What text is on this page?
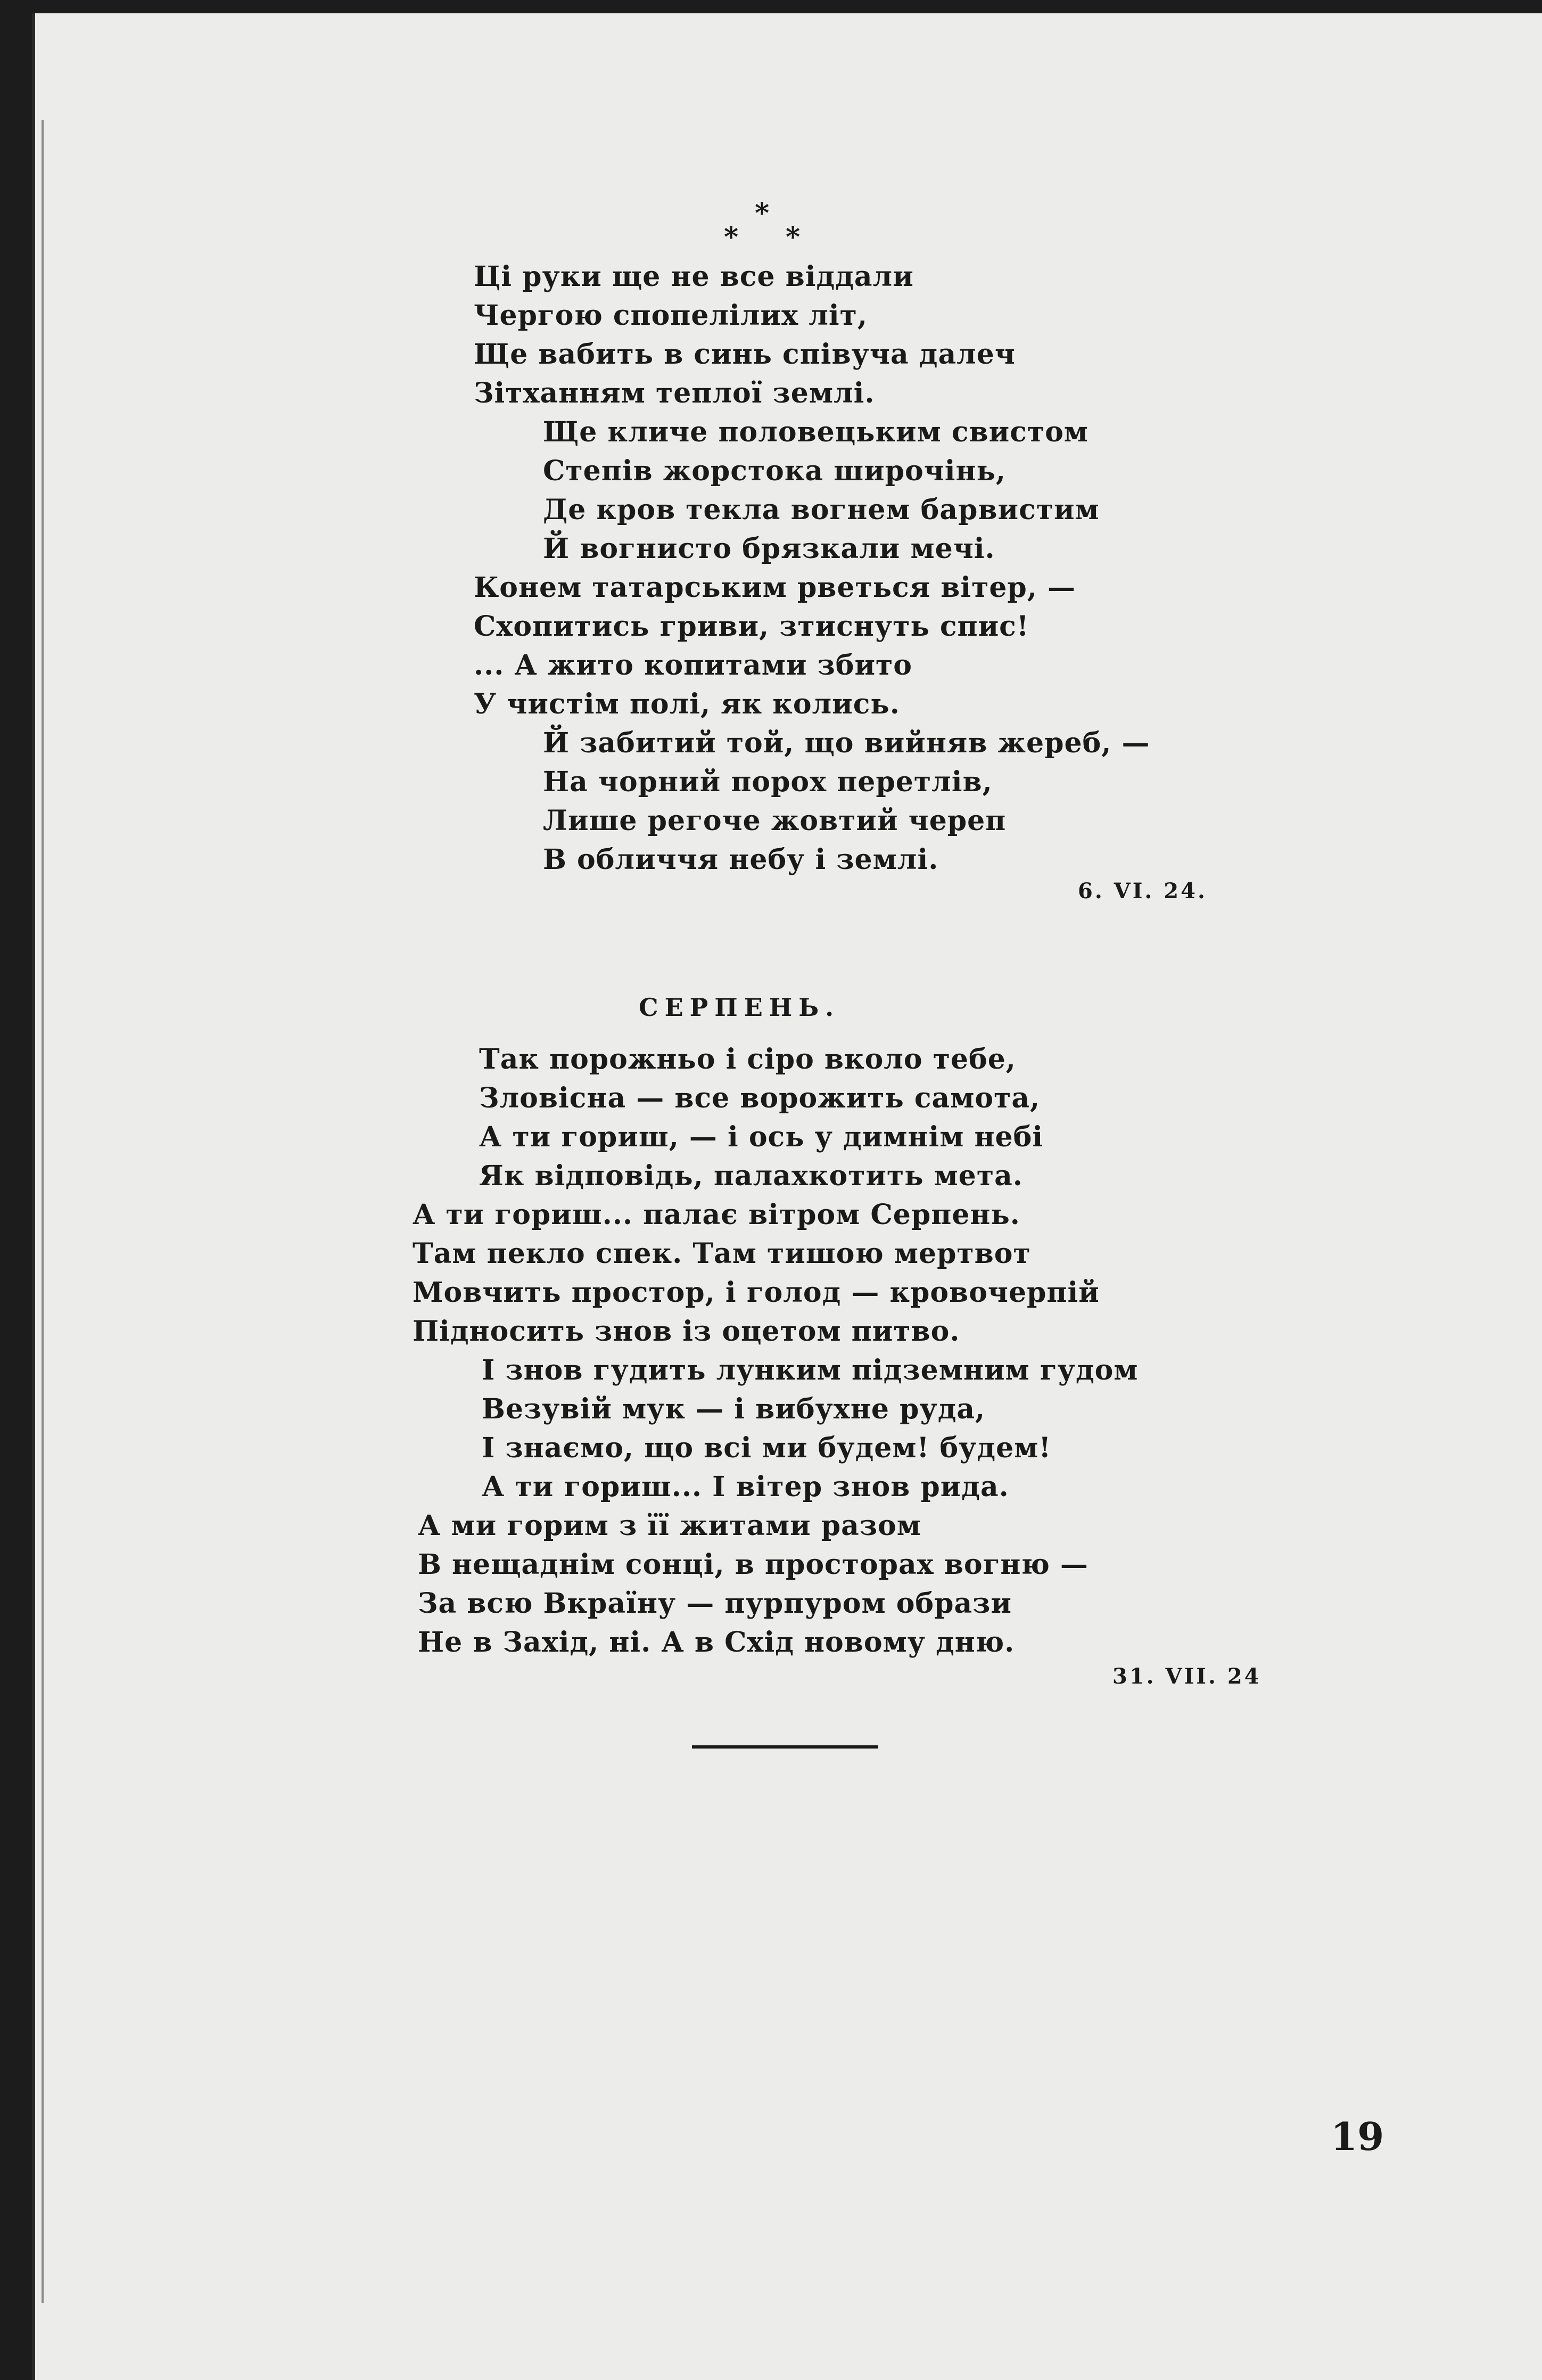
*
*
*
Ці руки ще не все віддали
Чергою спопелілих літ,
Ще вабить в синь співуча далеч
Зітханням теплої землі.
Ще кличе половецьким свистом
Степів жорстока широчінь,
Де кров текла вогнем барвистим
Й вогнисто брязкали мечі.
Конем татарським рветься вітер, —
Схопитись гриви, зтиснуть спис!
... А жито копитами збито
У чистім полі, як колись.
Й забитий той, що вийняв жереб, —
На чорний порох перетлів,
Лише регоче жовтий череп
В обличчя небу і землі.
6. VI. 24.
СЕРПЕНЬ.
Так порожньо і сіро вколо тебе,
Зловісна — все ворожить самота,
А ти гориш, — і ось у димнім небі
Як відповідь, палахкотить мета.
А ти гориш... палає вітром Серпень.
Там пекло спек. Там тишою мертвот
Мовчить простор, і голод — кровочерпій
Підносить знов із оцетом питво.
І знов гудить лунким підземним гудом
Везувій мук — і вибухне руда,
І знаємо, що всі ми будем! будем!
А ти гориш... І вітер знов рида.
А ми горим з її житами разом
В нещаднім сонці, в просторах вогню —
За всю Вкраїну — пурпуром образи
Не в Захід, ні. А в Схід новому дню.
31. VII. 24
19
